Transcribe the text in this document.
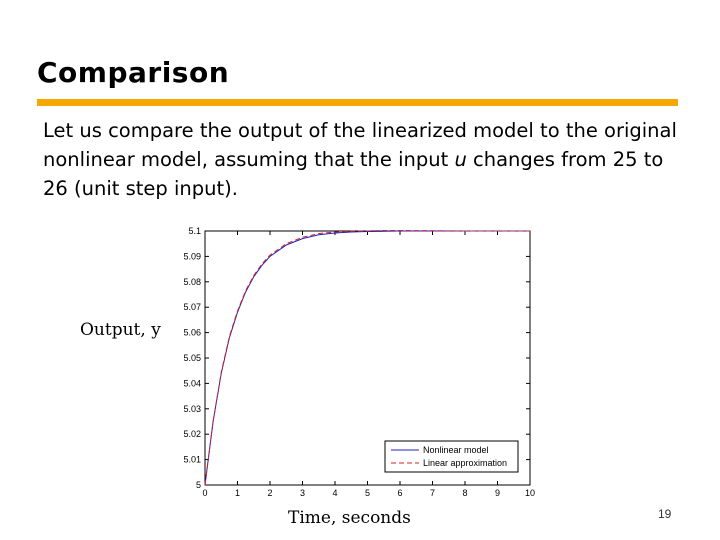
Comparison
Let us compare the output of the linearized model to the original nonlinear model, assuming that the input u changes from 25 to 26 (unit step input).
0	1	2	3	4	5	6	7	8	9	10
5
5.01
5.02
5.03
5.04
5.05
5.06
5.07
5.08
5.09
5.1
Nonlinear model
Linear approximation
Output, y
Time, seconds	19
